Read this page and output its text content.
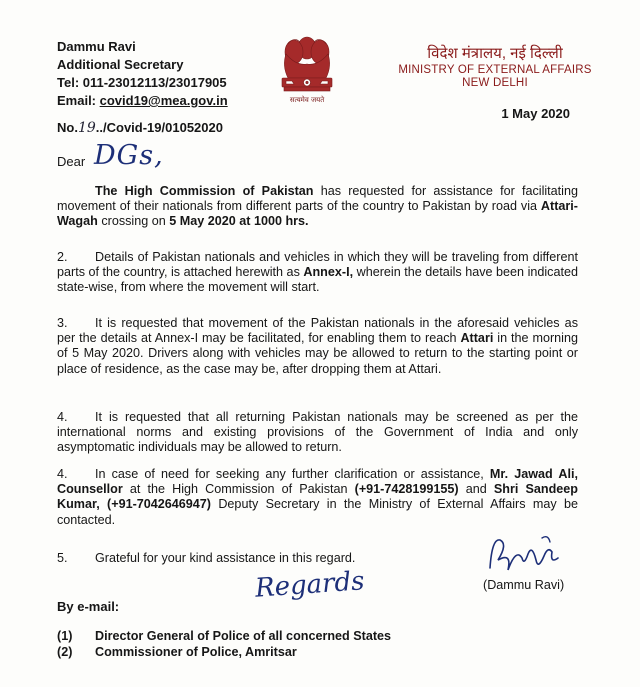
Dammu Ravi
Additional Secretary
Tel: 011-23012113/23017905
Email: covid19@mea.gov.in	सत्यमेव जयते
विदेश मंत्रालय, नई दिल्ली
MINISTRY OF EXTERNAL AFFAIRS
NEW DELHI
1 May 2020
No.19../Covid-19/01052020
Dear DGs,
The High Commission of Pakistan has requested for assistance for facilitating movement of their nationals from different parts of the country to Pakistan by road via Attari-Wagah crossing on 5 May 2020 at 1000 hrs.
2. Details of Pakistan nationals and vehicles in which they will be traveling from different parts of the country, is attached herewith as Annex-I, wherein the details have been indicated state-wise, from where the movement will start.
3. It is requested that movement of the Pakistan nationals in the aforesaid vehicles as per the details at Annex-I may be facilitated, for enabling them to reach Attari in the morning of 5 May 2020. Drivers along with vehicles may be allowed to return to the starting point or place of residence, as the case may be, after dropping them at Attari.
4. It is requested that all returning Pakistan nationals may be screened as per the international norms and existing provisions of the Government of India and only asymptomatic individuals may be allowed to return.
4. In case of need for seeking any further clarification or assistance, Mr. Jawad Ali, Counsellor at the High Commission of Pakistan (+91-7428199155) and Shri Sandeep Kumar, (+91-7042646947) Deputy Secretary in the Ministry of External Affairs may be contacted.
5. Grateful for your kind assistance in this regard.
Regards	(Dammu Ravi)
By e-mail:
(1) Director General of Police of all concerned States
(2) Commissioner of Police, Amritsar
